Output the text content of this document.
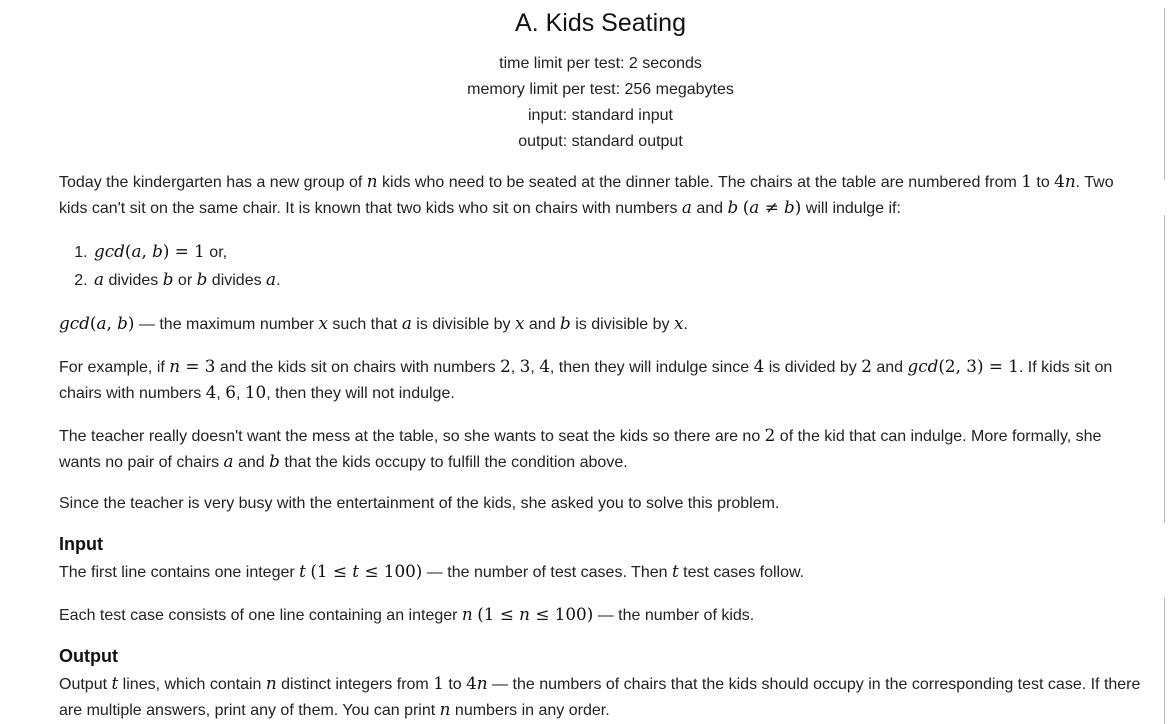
A. Kids Seating
time limit per test: 2 seconds
memory limit per test: 256 megabytes
input: standard input
output: standard output

Today the kindergarten has a new group of n kids who need to be seated at the dinner table. The chairs at the table are numbered from 1 to 4n. Two kids can't sit on the same chair. It is known that two kids who sit on chairs with numbers a and b (a ≠ b) will indulge if:

1. gcd(a, b) = 1 or,
2. a divides b or b divides a.

gcd(a, b) — the maximum number x such that a is divisible by x and b is divisible by x.

For example, if n = 3 and the kids sit on chairs with numbers 2, 3, 4, then they will indulge since 4 is divided by 2 and gcd(2, 3) = 1. If kids sit on chairs with numbers 4, 6, 10, then they will not indulge.

The teacher really doesn't want the mess at the table, so she wants to seat the kids so there are no 2 of the kid that can indulge. More formally, she wants no pair of chairs a and b that the kids occupy to fulfill the condition above.

Since the teacher is very busy with the entertainment of the kids, she asked you to solve this problem.

Input

The first line contains one integer t (1 ≤ t ≤ 100) — the number of test cases. Then t test cases follow.

Each test case consists of one line containing an integer n (1 ≤ n ≤ 100) — the number of kids.

Output

Output t lines, which contain n distinct integers from 1 to 4n — the numbers of chairs that the kids should occupy in the corresponding test case. If there are multiple answers, print any of them. You can print n numbers in any order.
